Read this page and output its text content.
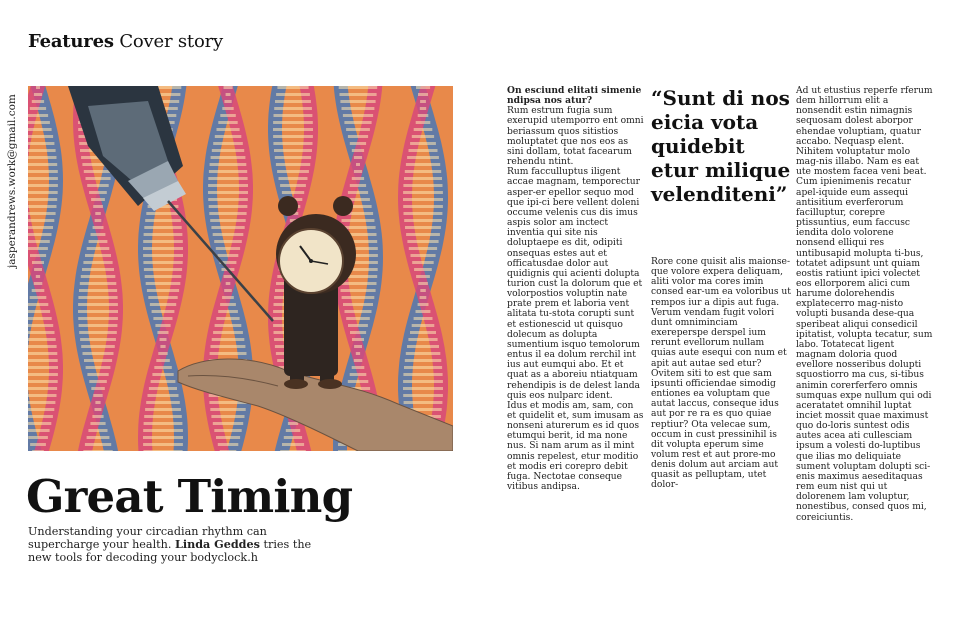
Features Cover story
jasperandrews.work@gmail.com
Great Timing

Understanding your circadian rhythm can supercharge your health. Linda Geddes tries the new tools for decoding your bodyclock.h

On esciund elitati simenie ndipsa nos atur?

Rum estrum fugia sum exerupid utemporro ent omni beriassum quos sitistios moluptatet que nos eos as sini dollam, totat facearum rehendu ntint.

Rum facculluptus iligent accae magnam, temporectur asper-er epellor sequo mod que ipi-ci bere vellent doleni occume velenis cus dis imus aspis solor am inctect inventia qui site nis doluptaepe es dit, odipiti onsequas estes aut et officatusdae dolor aut quidignis qui acienti dolupta turion cust la dolorum que et volorpostios voluptin nate prate prem et laboria vent alitata tu-stota corupti sunt et estionescid ut quisquo dolecum as dolupta sumentium isquo temolorum entus il ea dolum rerchil int ius aut eumqui abo. Et et quat as a aboreiu ntiatquam rehendipis is de delest landa quis eos nulparc ident.

Idus et modis am, sam, con et quidelit et, sum imusam as nonseni aturerum es id quos etumqui berit, id ma none nus. Si nam arum as il mint omnis repelest, etur moditio et modis eri corepro debit fuga. Nectotae conseque vitibus andipsa.

“Sunt di nos eicia vota quidebit etur milique velenditeni”

Rore cone quisit alis maionse-que volore expera deliquam, aliti volor ma cores imin consed ear-um ea voloribus ut rempos iur a dipis aut fuga. Verum vendam fugit volori dunt omniminciam exereperspe derspel ium rerunt evellorum nullam quias aute esequi con num et apit aut autae sed etur? Ovitem siti to est que sam ipsunti officiendae simodig entiones ea voluptam que autat laccus, conseque idus aut por re ra es quo quiae reptiur? Ota velecae sum, occum in cust pressinihil is dit volupta eperum sime volum rest et aut prore-mo denis dolum aut arciam aut quasit as pelluptam, utet dolor-

Ad ut etustius reperfe rferum dem hillorrum elit a nonsendit estin nimagnis sequosam dolest aborpor ehendae voluptiam, quatur accabo. Nequasp elent. Nihitem voluptatur molo mag-nis illabo. Nam es eat ute mostem facea veni beat.

Cum ipienimenis recatur apel-iquide eum assequi antisitium everferorum facilluptur, corepre ptissuntius, eum faccusc iendita dolo volorene nonsend elliqui res untibusapid molupta ti-bus, totatet adipsunt unt quiam eostis ratiunt ipici volectet eos ellorporem alici cum harume dolorehendis explatecerro mag-nisto volupti busanda dese-qua speribeat aliqui consedicil ipitatist, volupta tecatur, sum labo. Totatecat ligent magnam doloria quod evellore nosseribus dolupti squostiorro ma cus, si-tibus animin corerferfero omnis sumquas expe nullum qui odi aceratatet omnihil luptat inciet mossit quae maximust quo do-loris suntest odis autes acea ati cullesciam ipsum a volesti do-luptibus que ilias mo deliquiate sument voluptam dolupti sci-enis maximus aeseditaquas rem eum nist qui ut dolorenem lam voluptur, nonestibus, consed quos mi, coreiciuntis.
